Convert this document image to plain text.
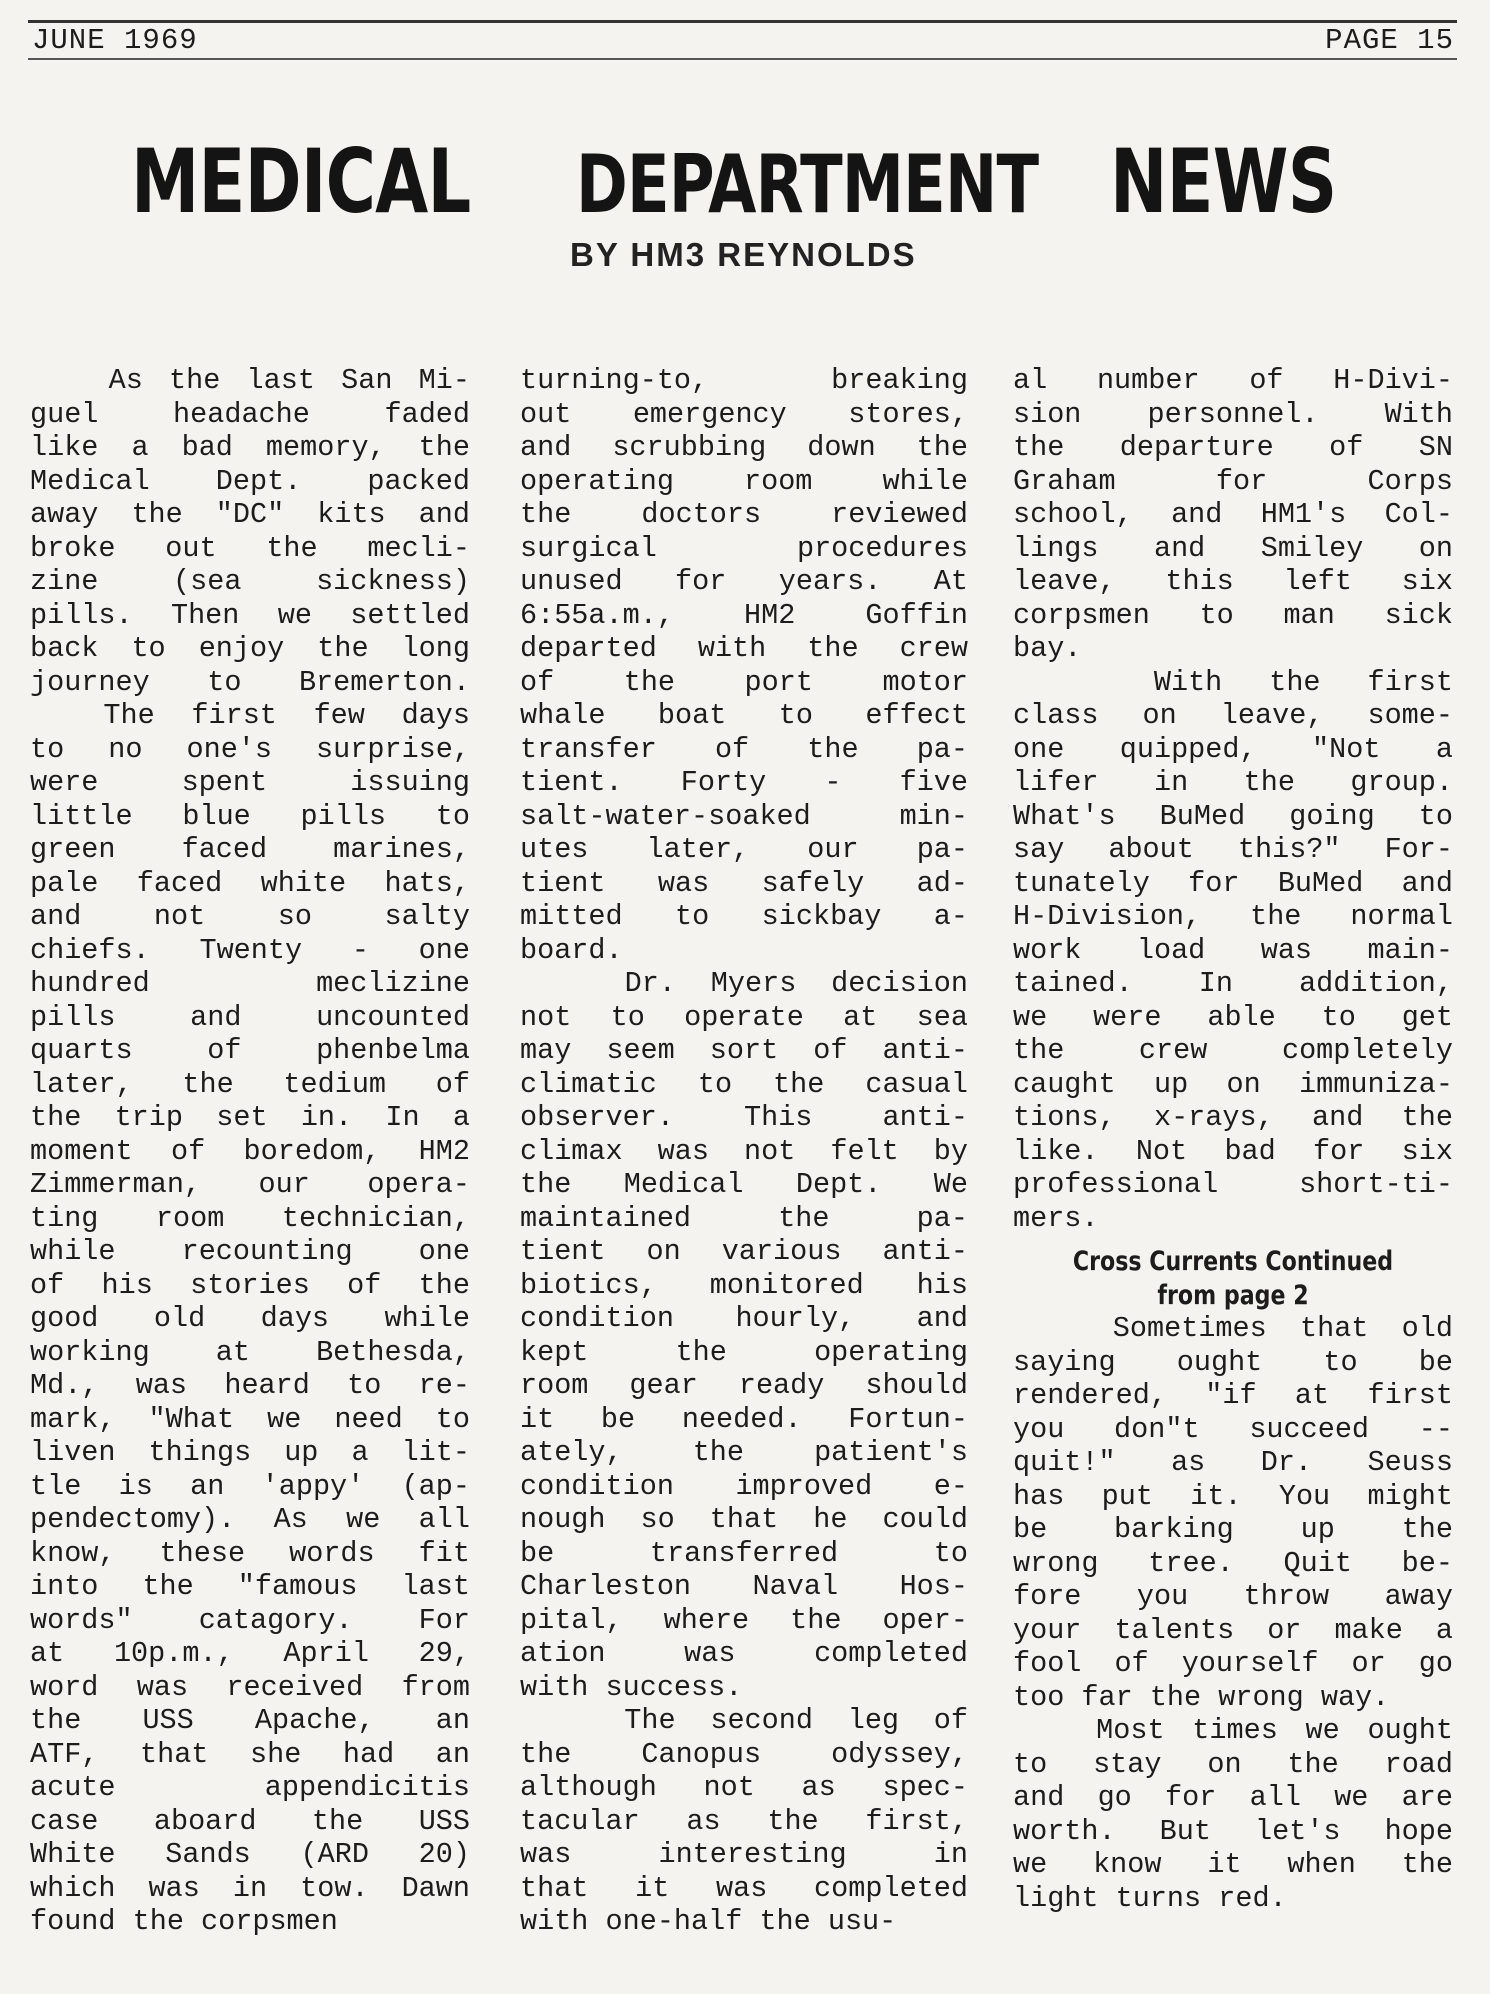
JUNE 1969	PAGE 15
MEDICAL DEPARTMENT NEWS
BY HM3 REYNOLDS
As the last San Mi-
guel headache faded
like a bad memory, the
Medical Dept. packed
away the "DC" kits and
broke out the mecli-
zine (sea sickness)
pills. Then we settled
back to enjoy the long
journey to Bremerton.
The first few days
to no one's surprise,
were spent issuing
little blue pills to
green faced marines,
pale faced white hats,
and not so salty
chiefs. Twenty - one
hundred meclizine
pills and uncounted
quarts of phenbelma
later, the tedium of
the trip set in. In a
moment of boredom, HM2
Zimmerman, our opera-
ting room technician,
while recounting one
of his stories of the
good old days while
working at Bethesda,
Md., was heard to re-
mark, "What we need to
liven things up a lit-
tle is an 'appy' (ap-
pendectomy). As we all
know, these words fit
into the "famous last
words" catagory. For
at 10p.m., April 29,
word was received from
the USS Apache, an
ATF, that she had an
acute appendicitis
case aboard the USS
White Sands (ARD 20)
which was in tow. Dawn
found the corpsmen
turning-to, breaking
out emergency stores,
and scrubbing down the
operating room while
the doctors reviewed
surgical procedures
unused for years. At
6:55a.m., HM2 Goffin
departed with the crew
of the port motor
whale boat to effect
transfer of the pa-
tient. Forty - five
salt-water-soaked min-
utes later, our pa-
tient was safely ad-
mitted to sickbay a-
board.
Dr. Myers decision
not to operate at sea
may seem sort of anti-
climatic to the casual
observer. This anti-
climax was not felt by
the Medical Dept. We
maintained the pa-
tient on various anti-
biotics, monitored his
condition hourly, and
kept the operating
room gear ready should
it be needed. Fortun-
ately, the patient's
condition improved e-
nough so that he could
be transferred to
Charleston Naval Hos-
pital, where the oper-
ation was completed
with success.
The second leg of
the Canopus odyssey,
although not as spec-
tacular as the first,
was interesting in
that it was completed
with one-half the usu-
al number of H-Divi-
sion personnel. With
the departure of SN
Graham for Corps
school, and HM1's Col-
lings and Smiley on
leave, this left six
corpsmen to man sick
bay.
With the first
class on leave, some-
one quipped, "Not a
lifer in the group.
What's BuMed going to
say about this?" For-
tunately for BuMed and
H-Division, the normal
work load was main-
tained. In addition,
we were able to get
the crew completely
caught up on immuniza-
tions, x-rays, and the
like. Not bad for six
professional short-ti-
mers.

Cross Currents Continued
from page 2
Sometimes that old
saying ought to be
rendered, "if at first
you don"t succeed --
quit!" as Dr. Seuss
has put it. You might
be barking up the
wrong tree. Quit be-
fore you throw away
your talents or make a
fool of yourself or go
too far the wrong way.
Most times we ought
to stay on the road
and go for all we are
worth. But let's hope
we know it when the
light turns red.
